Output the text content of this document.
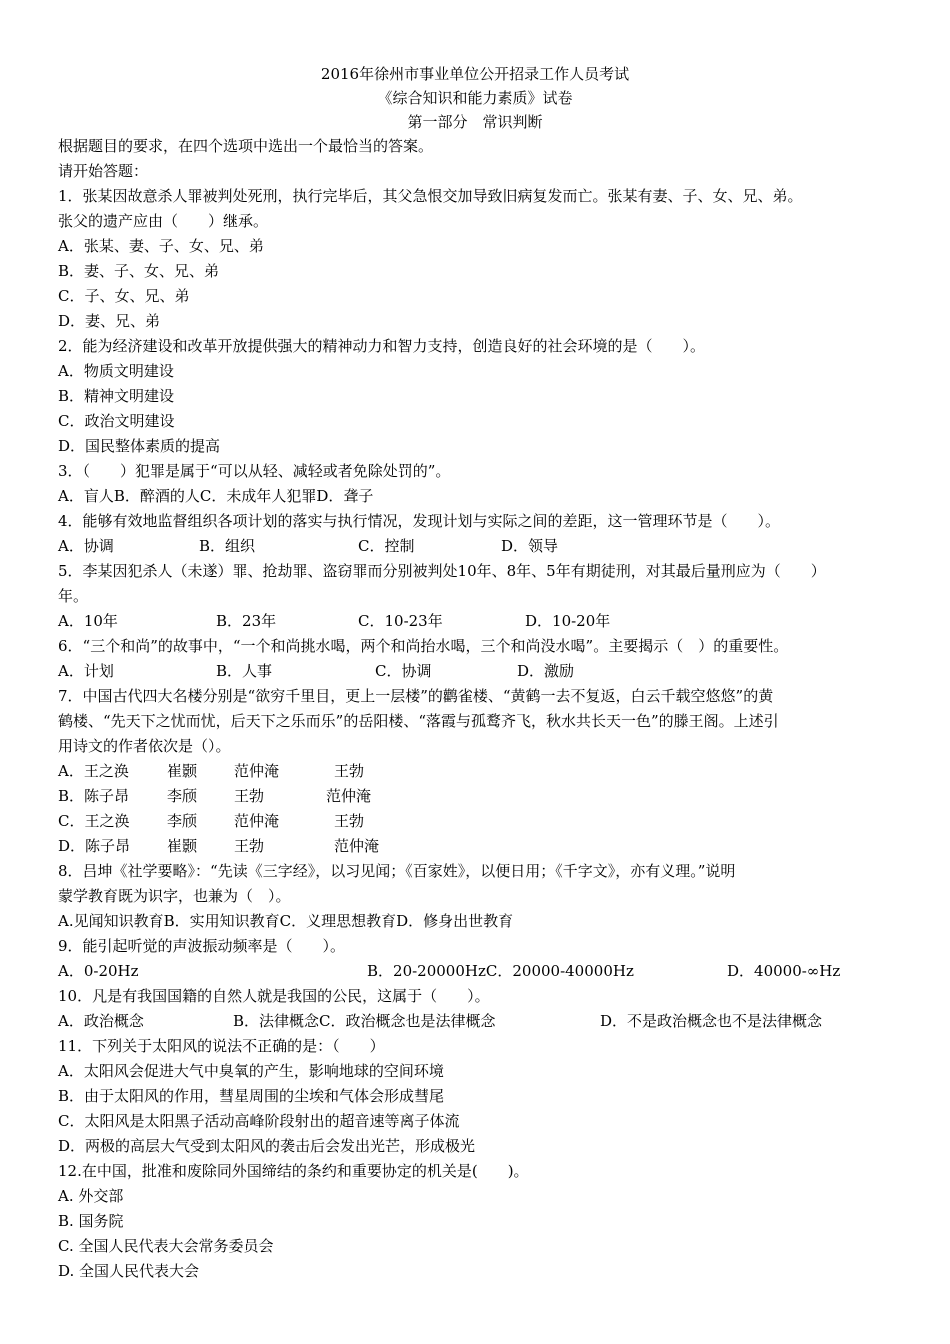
2016年徐州市事业单位公开招录工作人员考试
《综合知识和能力素质》试卷
第一部分　常识判断
根据题目的要求，在四个选项中选出一个最恰当的答案。
请开始答题：
1．张某因故意杀人罪被判处死刑，执行完毕后，其父急恨交加导致旧病复发而亡。张某有妻、子、女、兄、弟。
张父的遗产应由（　　）继承。
A．张某、妻、子、女、兄、弟
B．妻、子、女、兄、弟
C．子、女、兄、弟
D．妻、兄、弟
2．能为经济建设和改革开放提供强大的精神动力和智力支持，创造良好的社会环境的是（　　）。
A．物质文明建设
B．精神文明建设
C．政治文明建设
D．国民整体素质的提高
3．（　　）犯罪是属于“可以从轻、减轻或者免除处罚的”。
A．盲人B．醉酒的人C．未成年人犯罪D．聋子
4．能够有效地监督组织各项计划的落实与执行情况，发现计划与实际之间的差距，这一管理环节是（　　）。
A．协调	B．组织	C．控制	D．领导
5．李某因犯杀人（未遂）罪、抢劫罪、盗窃罪而分别被判处10年、8年、5年有期徒刑，对其最后量刑应为（　　）
年。
A．10年	B．23年	C．10-23年	D．10-20年
6．“三个和尚”的故事中，“一个和尚挑水喝，两个和尚抬水喝，三个和尚没水喝”。主要揭示（　）的重要性。
A．计划	B．人事	C．协调	D．激励
7．中国古代四大名楼分别是“欲穷千里目，更上一层楼”的鹳雀楼、“黄鹤一去不复返，白云千载空悠悠”的黄
鹤楼、“先天下之忧而忧，后天下之乐而乐”的岳阳楼、“落霞与孤鹜齐飞，秋水共长天一色”的滕王阁。上述引
用诗文的作者依次是（）。
A．王之涣	崔颢 范仲淹	王勃
B．陈子昂	李颀 王勃	范仲淹
C．王之涣	李颀 范仲淹	王勃
D．陈子昂 崔颢 王勃	范仲淹
8．吕坤《社学要略》：“先读《三字经》，以习见闻；《百家姓》，以便日用；《千字文》，亦有义理。”说明
蒙学教育既为识字，也兼为（　）。
A.见闻知识教育B．实用知识教育C．义理思想教育D．修身出世教育
9．能引起听觉的声波振动频率是（　　）。
A．0-20Hz	B．20-20000HzC．20000-40000Hz	D．40000-∞Hz
10．凡是有我国国籍的自然人就是我国的公民，这属于（　　）。
A．政治概念	B．法律概念C．政治概念也是法律概念	D．不是政治概念也不是法律概念
11．下列关于太阳风的说法不正确的是：（　　）
A．太阳风会促进大气中臭氧的产生，影响地球的空间环境
B．由于太阳风的作用，彗星周围的尘埃和气体会形成彗尾
C．太阳风是太阳黑子活动高峰阶段射出的超音速等离子体流
D．两极的高层大气受到太阳风的袭击后会发出光芒，形成极光
12.在中国，批准和废除同外国缔结的条约和重要协定的机关是(　　)。
A. 外交部
B. 国务院
C. 全国人民代表大会常务委员会
D. 全国人民代表大会
